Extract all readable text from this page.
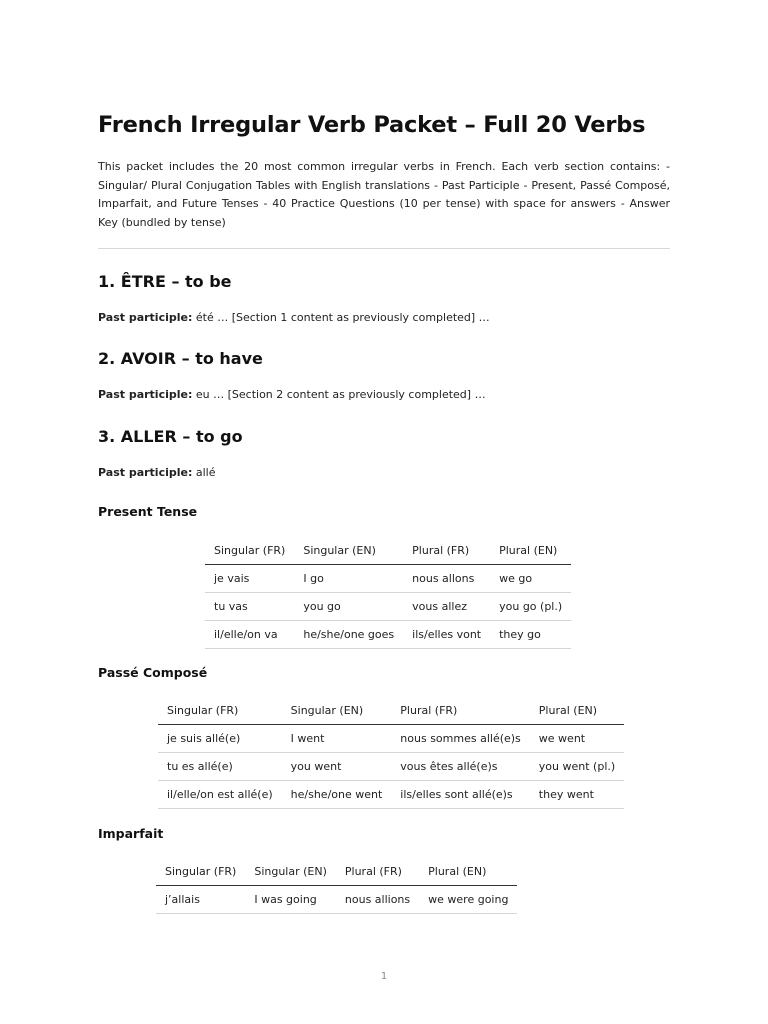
French Irregular Verb Packet – Full 20 Verbs

This packet includes the 20 most common irregular verbs in French. Each verb section contains: - Singular/ Plural Conjugation Tables with English translations - Past Participle - Present, Passé Composé, Imparfait, and Future Tenses - 40 Practice Questions (10 per tense) with space for answers - Answer Key (bundled by tense)

1. ÊTRE – to be

Past participle: été … [Section 1 content as previously completed] …

2. AVOIR – to have

Past participle: eu … [Section 2 content as previously completed] …

3. ALLER – to go

Past participle: allé

Present Tense
Singular (FR)	Singular (EN)	Plural (FR)	Plural (EN)
je vais	I go	nous allons	we go
tu vas	you go	vous allez	you go (pl.)
il/elle/on va	he/she/one goes	ils/elles vont	they go
Passé Composé
Singular (FR)	Singular (EN)	Plural (FR)	Plural (EN)
je suis allé(e)	I went	nous sommes allé(e)s	we went
tu es allé(e)	you went	vous êtes allé(e)s	you went (pl.)
il/elle/on est allé(e)	he/she/one went	ils/elles sont allé(e)s	they went
Imparfait
Singular (FR)	Singular (EN)	Plural (FR)	Plural (EN)
j’allais	I was going	nous allions	we were going
1
